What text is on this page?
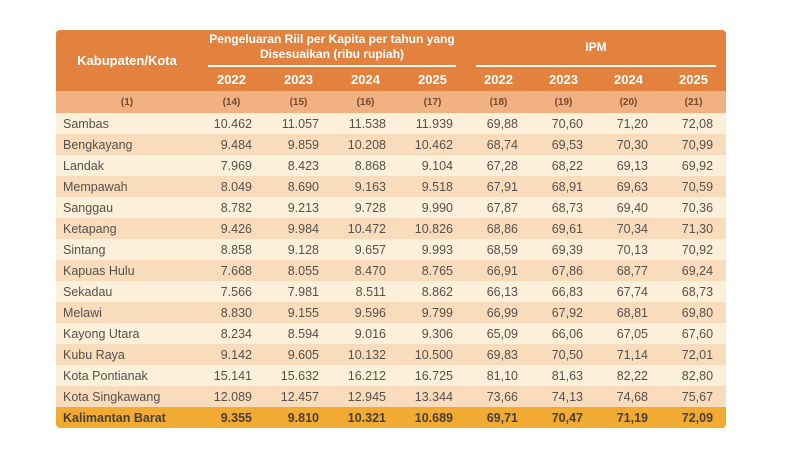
Kabupaten/Kota	Pengeluaran Riil per Kapita per tahun yang Disesuaikan (ribu rupiah)				IPM			

	2022	2023	2024	2025	2022	2023	2024	2025
(1)	(14)	(15)	(16)	(17)	(18)	(19)	(20)	(21)
Sambas	10.462	11.057	11.538	11.939	69,88	70,60	71,20	72,08
Bengkayang	9.484	9.859	10.208	10.462	68,74	69,53	70,30	70,99
Landak	7.969	8.423	8.868	9.104	67,28	68,22	69,13	69,92
Mempawah	8.049	8.690	9.163	9.518	67,91	68,91	69,63	70,59
Sanggau	8.782	9.213	9.728	9.990	67,87	68,73	69,40	70,36
Ketapang	9.426	9.984	10.472	10.826	68,86	69,61	70,34	71,30
Sintang	8.858	9.128	9.657	9.993	68,59	69,39	70,13	70,92
Kapuas Hulu	7.668	8.055	8.470	8.765	66,91	67,86	68,77	69,24
Sekadau	7.566	7.981	8.511	8.862	66,13	66,83	67,74	68,73
Melawi	8.830	9.155	9.596	9.799	66,99	67,92	68,81	69,80
Kayong Utara	8.234	8.594	9.016	9.306	65,09	66,06	67,05	67,60
Kubu Raya	9.142	9.605	10.132	10.500	69,83	70,50	71,14	72,01
Kota Pontianak	15.141	15.632	16.212	16.725	81,10	81,63	82,22	82,80
Kota Singkawang	12.089	12.457	12.945	13.344	73,66	74,13	74,68	75,67
Kalimantan Barat	9.355	9.810	10.321	10.689	69,71	70,47	71,19	72,09
